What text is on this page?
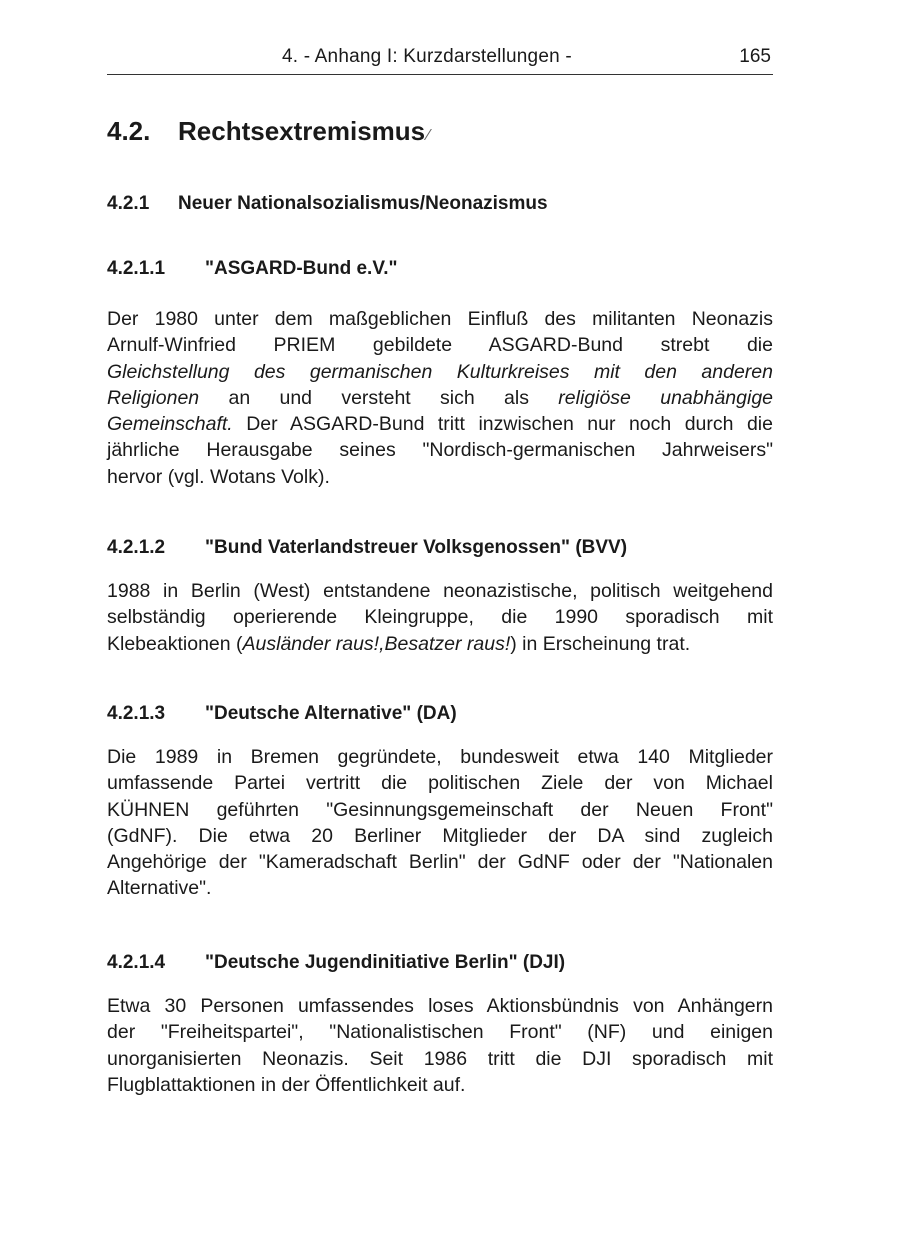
4. - Anhang I: Kurzdarstellungen -	165
4.2. Rechtsextremismus ⁄
4.2.1 Neuer Nationalsozialismus/Neonazismus
4.2.1.1 "ASGARD-Bund e.V."
Der 1980 unter dem maßgeblichen Einfluß des militanten Neonazis
Arnulf-Winfried PRIEM gebildete ASGARD-Bund strebt die
Gleichstellung des germanischen Kulturkreises mit den anderen
Religionen an und versteht sich als religiöse unabhängige
Gemeinschaft. Der ASGARD-Bund tritt inzwischen nur noch durch die
jährliche Herausgabe seines "Nordisch-germanischen Jahrweisers"
hervor (vgl. Wotans Volk).
4.2.1.2 "Bund Vaterlandstreuer Volksgenossen" (BVV)
1988 in Berlin (West) entstandene neonazistische, politisch weitgehend
selbständig operierende Kleingruppe, die 1990 sporadisch mit
Klebeaktionen (Ausländer raus!,Besatzer raus!) in Erscheinung trat.
4.2.1.3 "Deutsche Alternative" (DA)
Die 1989 in Bremen gegründete, bundesweit etwa 140 Mitglieder
umfassende Partei vertritt die politischen Ziele der von Michael
KÜHNEN geführten "Gesinnungsgemeinschaft der Neuen Front"
(GdNF). Die etwa 20 Berliner Mitglieder der DA sind zugleich
Angehörige der "Kameradschaft Berlin" der GdNF oder der "Nationalen
Alternative".
4.2.1.4 "Deutsche Jugendinitiative Berlin" (DJI)
Etwa 30 Personen umfassendes loses Aktionsbündnis von Anhängern
der "Freiheitspartei", "Nationalistischen Front" (NF) und einigen
unorganisierten Neonazis. Seit 1986 tritt die DJI sporadisch mit
Flugblattaktionen in der Öffentlichkeit auf.
